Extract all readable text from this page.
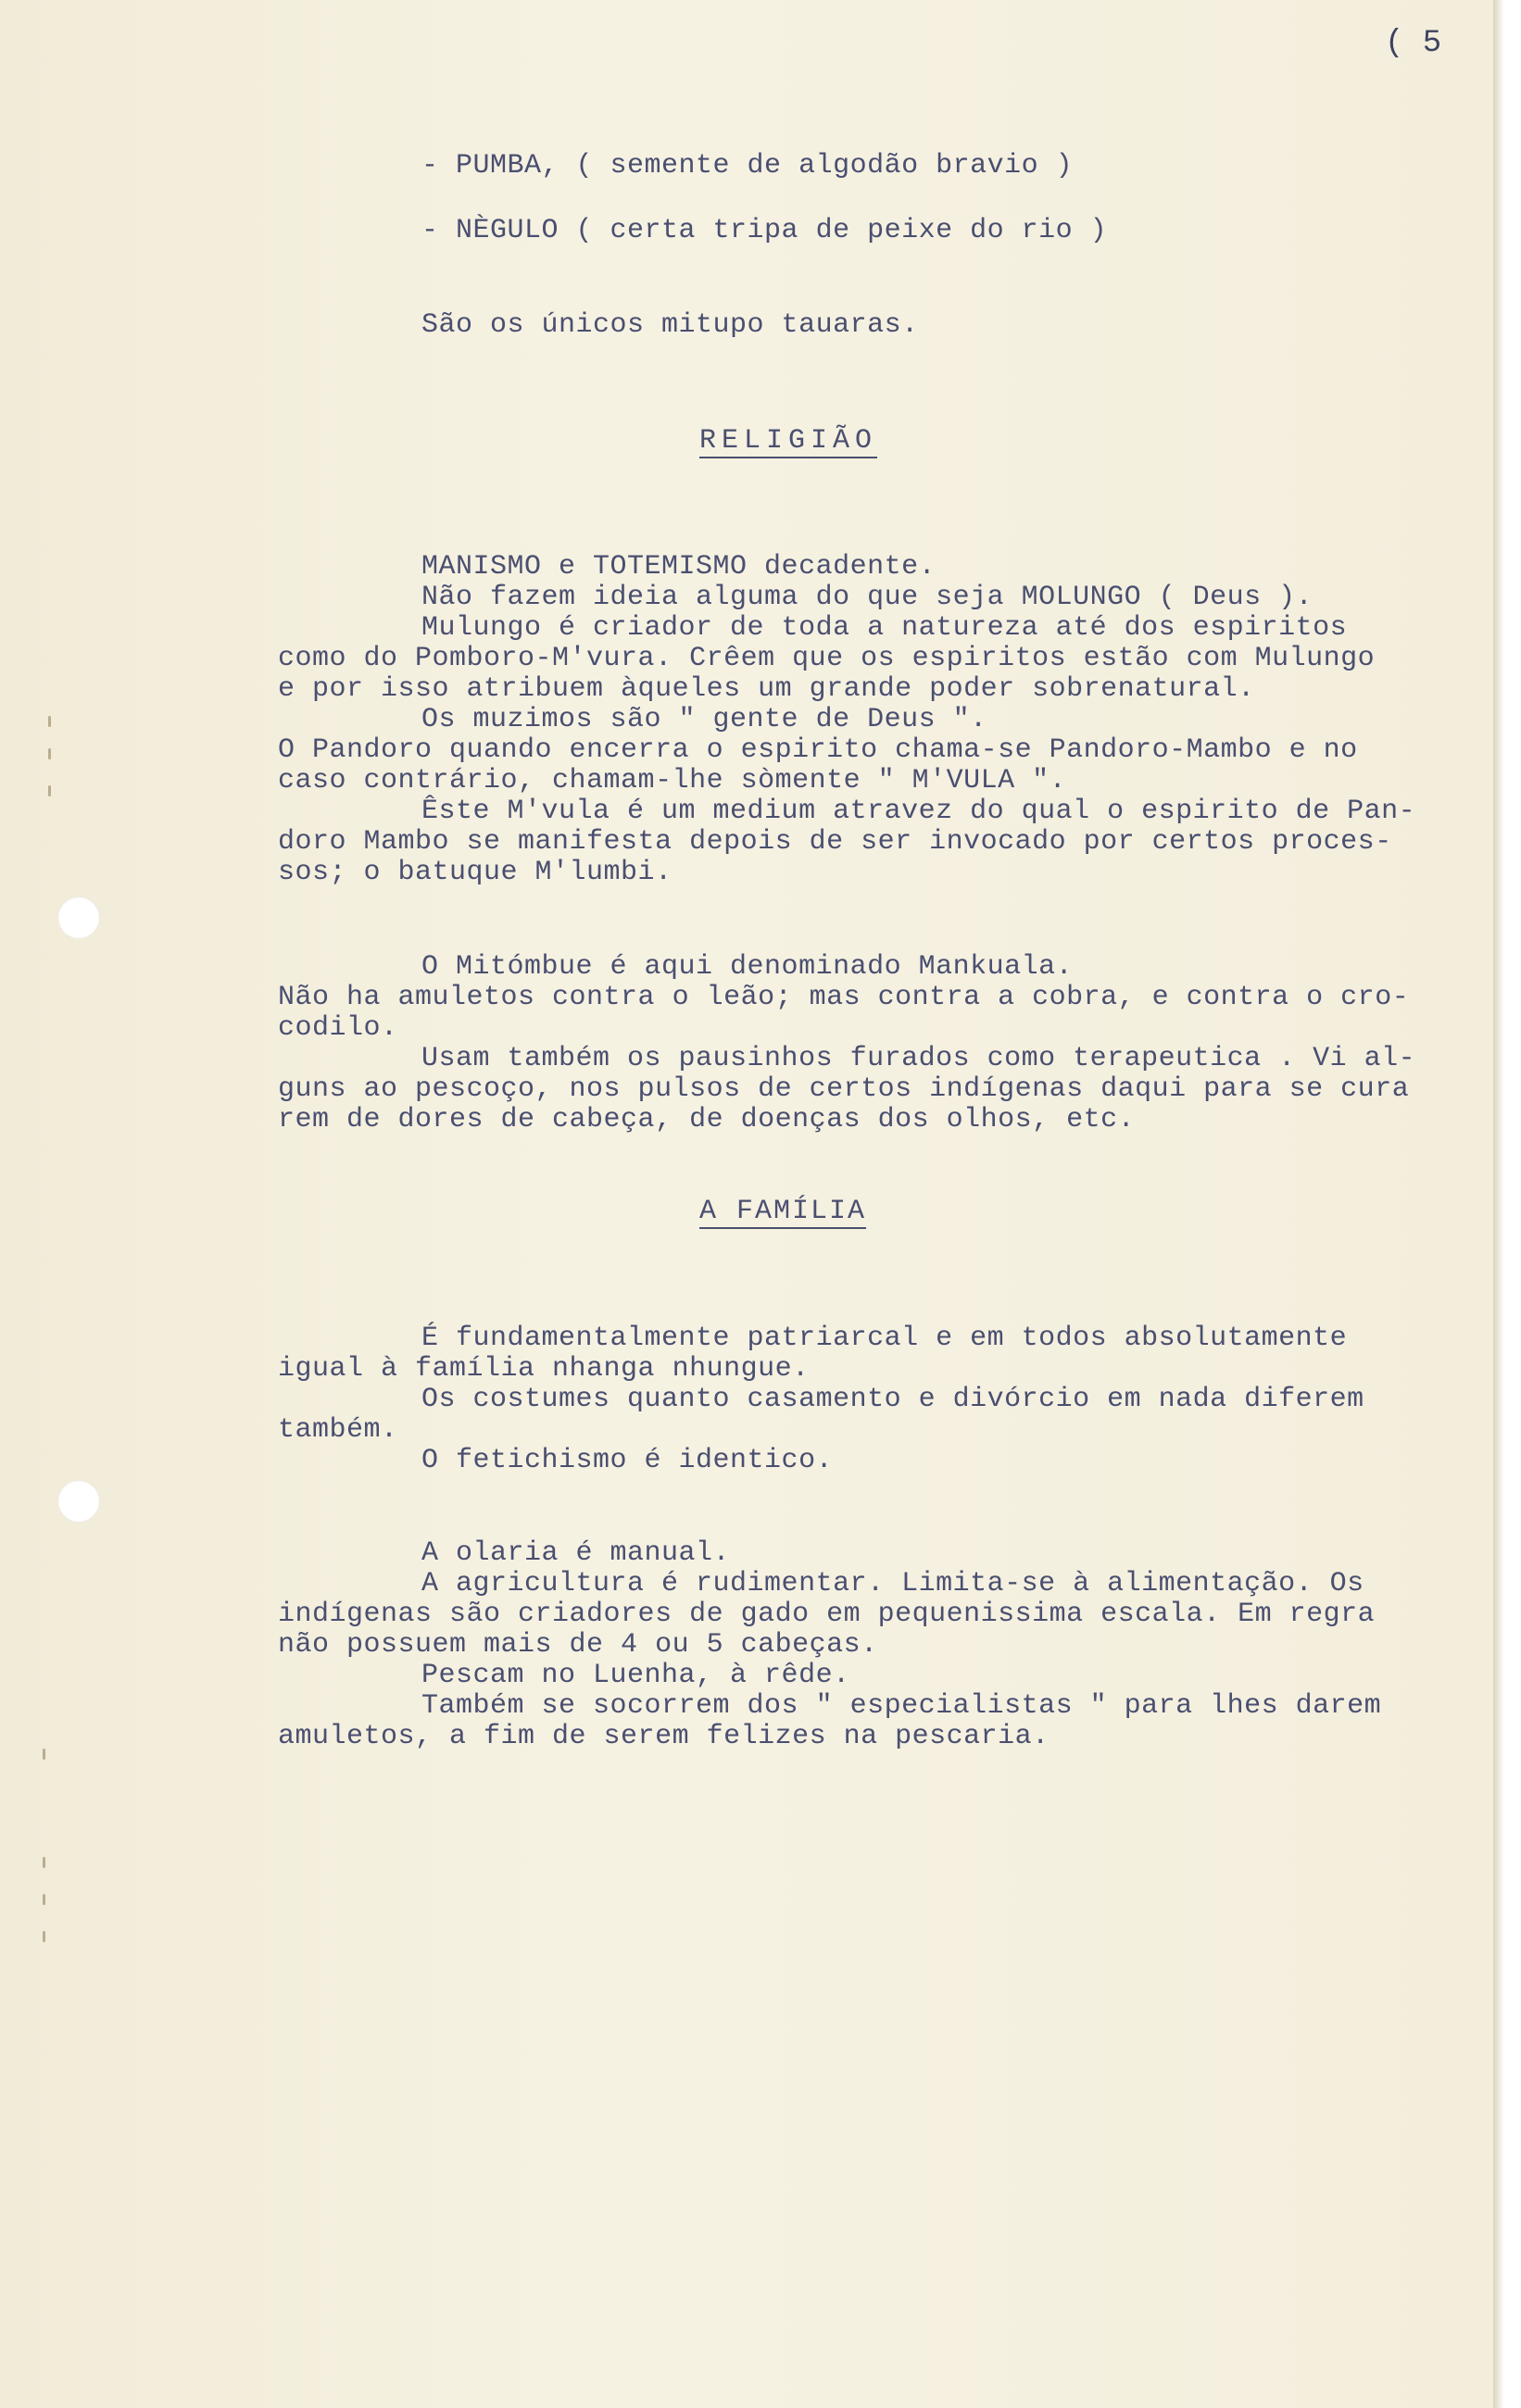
( 5
- PUMBA, ( semente de algodão bravio )
- NÈGULO ( certa tripa de peixe do rio )
São os únicos mitupo tauaras.
RELIGIÃO
MANISMO e TOTEMISMO decadente.
Não fazem ideia alguma do que seja MOLUNGO ( Deus ).
Mulungo é criador de toda a natureza até dos espiritos
como do Pomboro-M'vura. Crêem que os espiritos estão com Mulungo
e por isso atribuem àqueles um grande poder sobrenatural.
Os muzimos são " gente de Deus ".
O Pandoro quando encerra o espirito chama-se Pandoro-Mambo e no
caso contrário, chamam-lhe sòmente " M'VULA ".
Êste M'vula é um medium atravez do qual o espirito de Pan-
doro Mambo se manifesta depois de ser invocado por certos proces-
sos; o batuque M'lumbi.
O Mitómbue é aqui denominado Mankuala.
Não ha amuletos contra o leão; mas contra a cobra, e contra o cro-
codilo.
Usam também os pausinhos furados como terapeutica . Vi al-
guns ao pescoço, nos pulsos de certos indígenas daqui para se cura
rem de dores de cabeça, de doenças dos olhos, etc.
A FAMÍLIA
É fundamentalmente patriarcal e em todos absolutamente
igual à família nhanga nhungue.
Os costumes quanto casamento e divórcio em nada diferem
também.
O fetichismo é identico.
A olaria é manual.
A agricultura é rudimentar. Limita-se à alimentação. Os
indígenas são criadores de gado em pequenissima escala. Em regra
não possuem mais de 4 ou 5 cabeças.
Pescam no Luenha, à rêde.
Também se socorrem dos " especialistas " para lhes darem
amuletos, a fim de serem felizes na pescaria.
